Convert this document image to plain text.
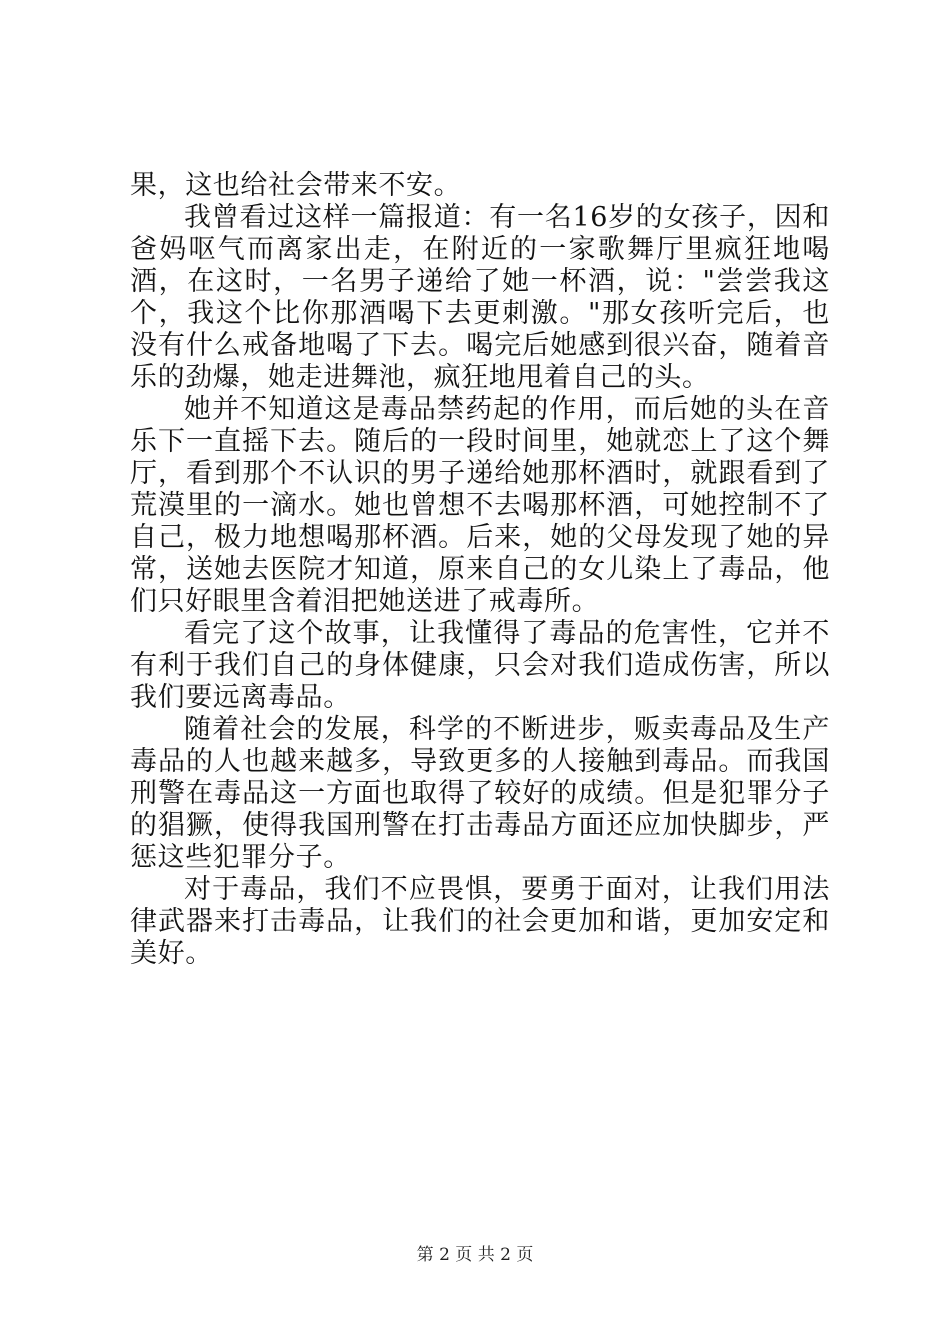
果，这也给社会带来不安。

我曾看过这样一篇报道：有一名16岁的女孩子，因和爸妈呕气而离家出走，在附近的一家歌舞厅里疯狂地喝酒，在这时，一名男子递给了她一杯酒，说："尝尝我这个，我这个比你那酒喝下去更刺激。"那女孩听完后，也没有什么戒备地喝了下去。喝完后她感到很兴奋，随着音乐的劲爆，她走进舞池，疯狂地甩着自己的头。

她并不知道这是毒品禁药起的作用，而后她的头在音乐下一直摇下去。随后的一段时间里，她就恋上了这个舞厅，看到那个不认识的男子递给她那杯酒时，就跟看到了荒漠里的一滴水。她也曾想不去喝那杯酒，可她控制不了自己，极力地想喝那杯酒。后来，她的父母发现了她的异常，送她去医院才知道，原来自己的女儿染上了毒品，他们只好眼里含着泪把她送进了戒毒所。

看完了这个故事，让我懂得了毒品的危害性，它并不有利于我们自己的身体健康，只会对我们造成伤害，所以我们要远离毒品。

随着社会的发展，科学的不断进步，贩卖毒品及生产毒品的人也越来越多，导致更多的人接触到毒品。而我国刑警在毒品这一方面也取得了较好的成绩。但是犯罪分子的猖獗，使得我国刑警在打击毒品方面还应加快脚步，严惩这些犯罪分子。

对于毒品，我们不应畏惧，要勇于面对，让我们用法律武器来打击毒品，让我们的社会更加和谐，更加安定和美好。

第 2 页 共 2 页
